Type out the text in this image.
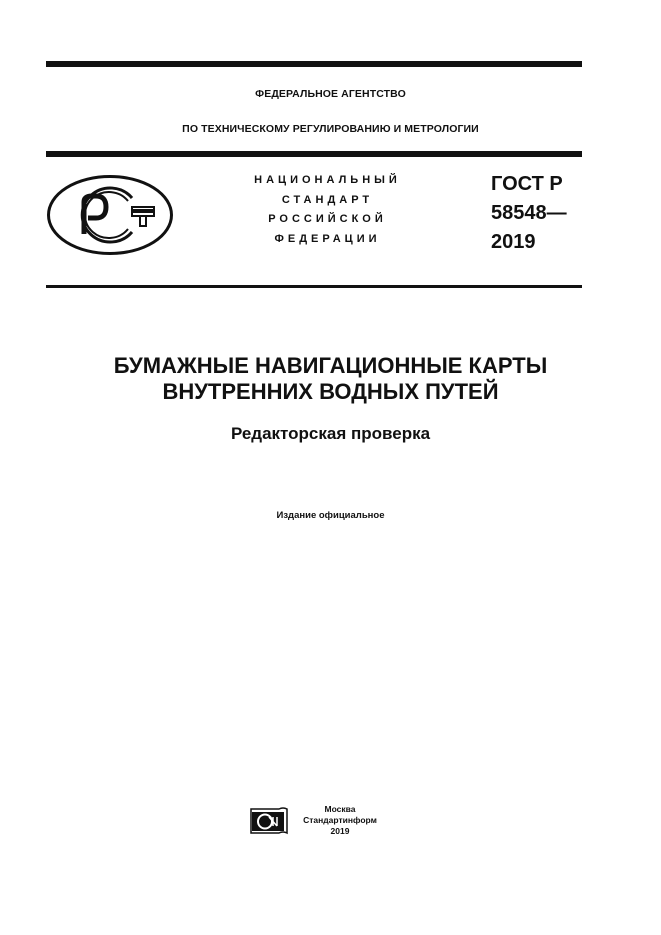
ФЕДЕРАЛЬНОЕ АГЕНТСТВО
ПО ТЕХНИЧЕСКОМУ РЕГУЛИРОВАНИЮ И МЕТРОЛОГИИ
НАЦИОНАЛЬНЫЙ
СТАНДАРТ
РОССИЙСКОЙ
ФЕДЕРАЦИИ
ГОСТ Р
58548—
2019
БУМАЖНЫЕ НАВИГАЦИОННЫЕ КАРТЫ
ВНУТРЕННИХ ВОДНЫХ ПУТЕЙ
Редакторская проверка
Издание официальное
Москва
Стандартинформ
2019
